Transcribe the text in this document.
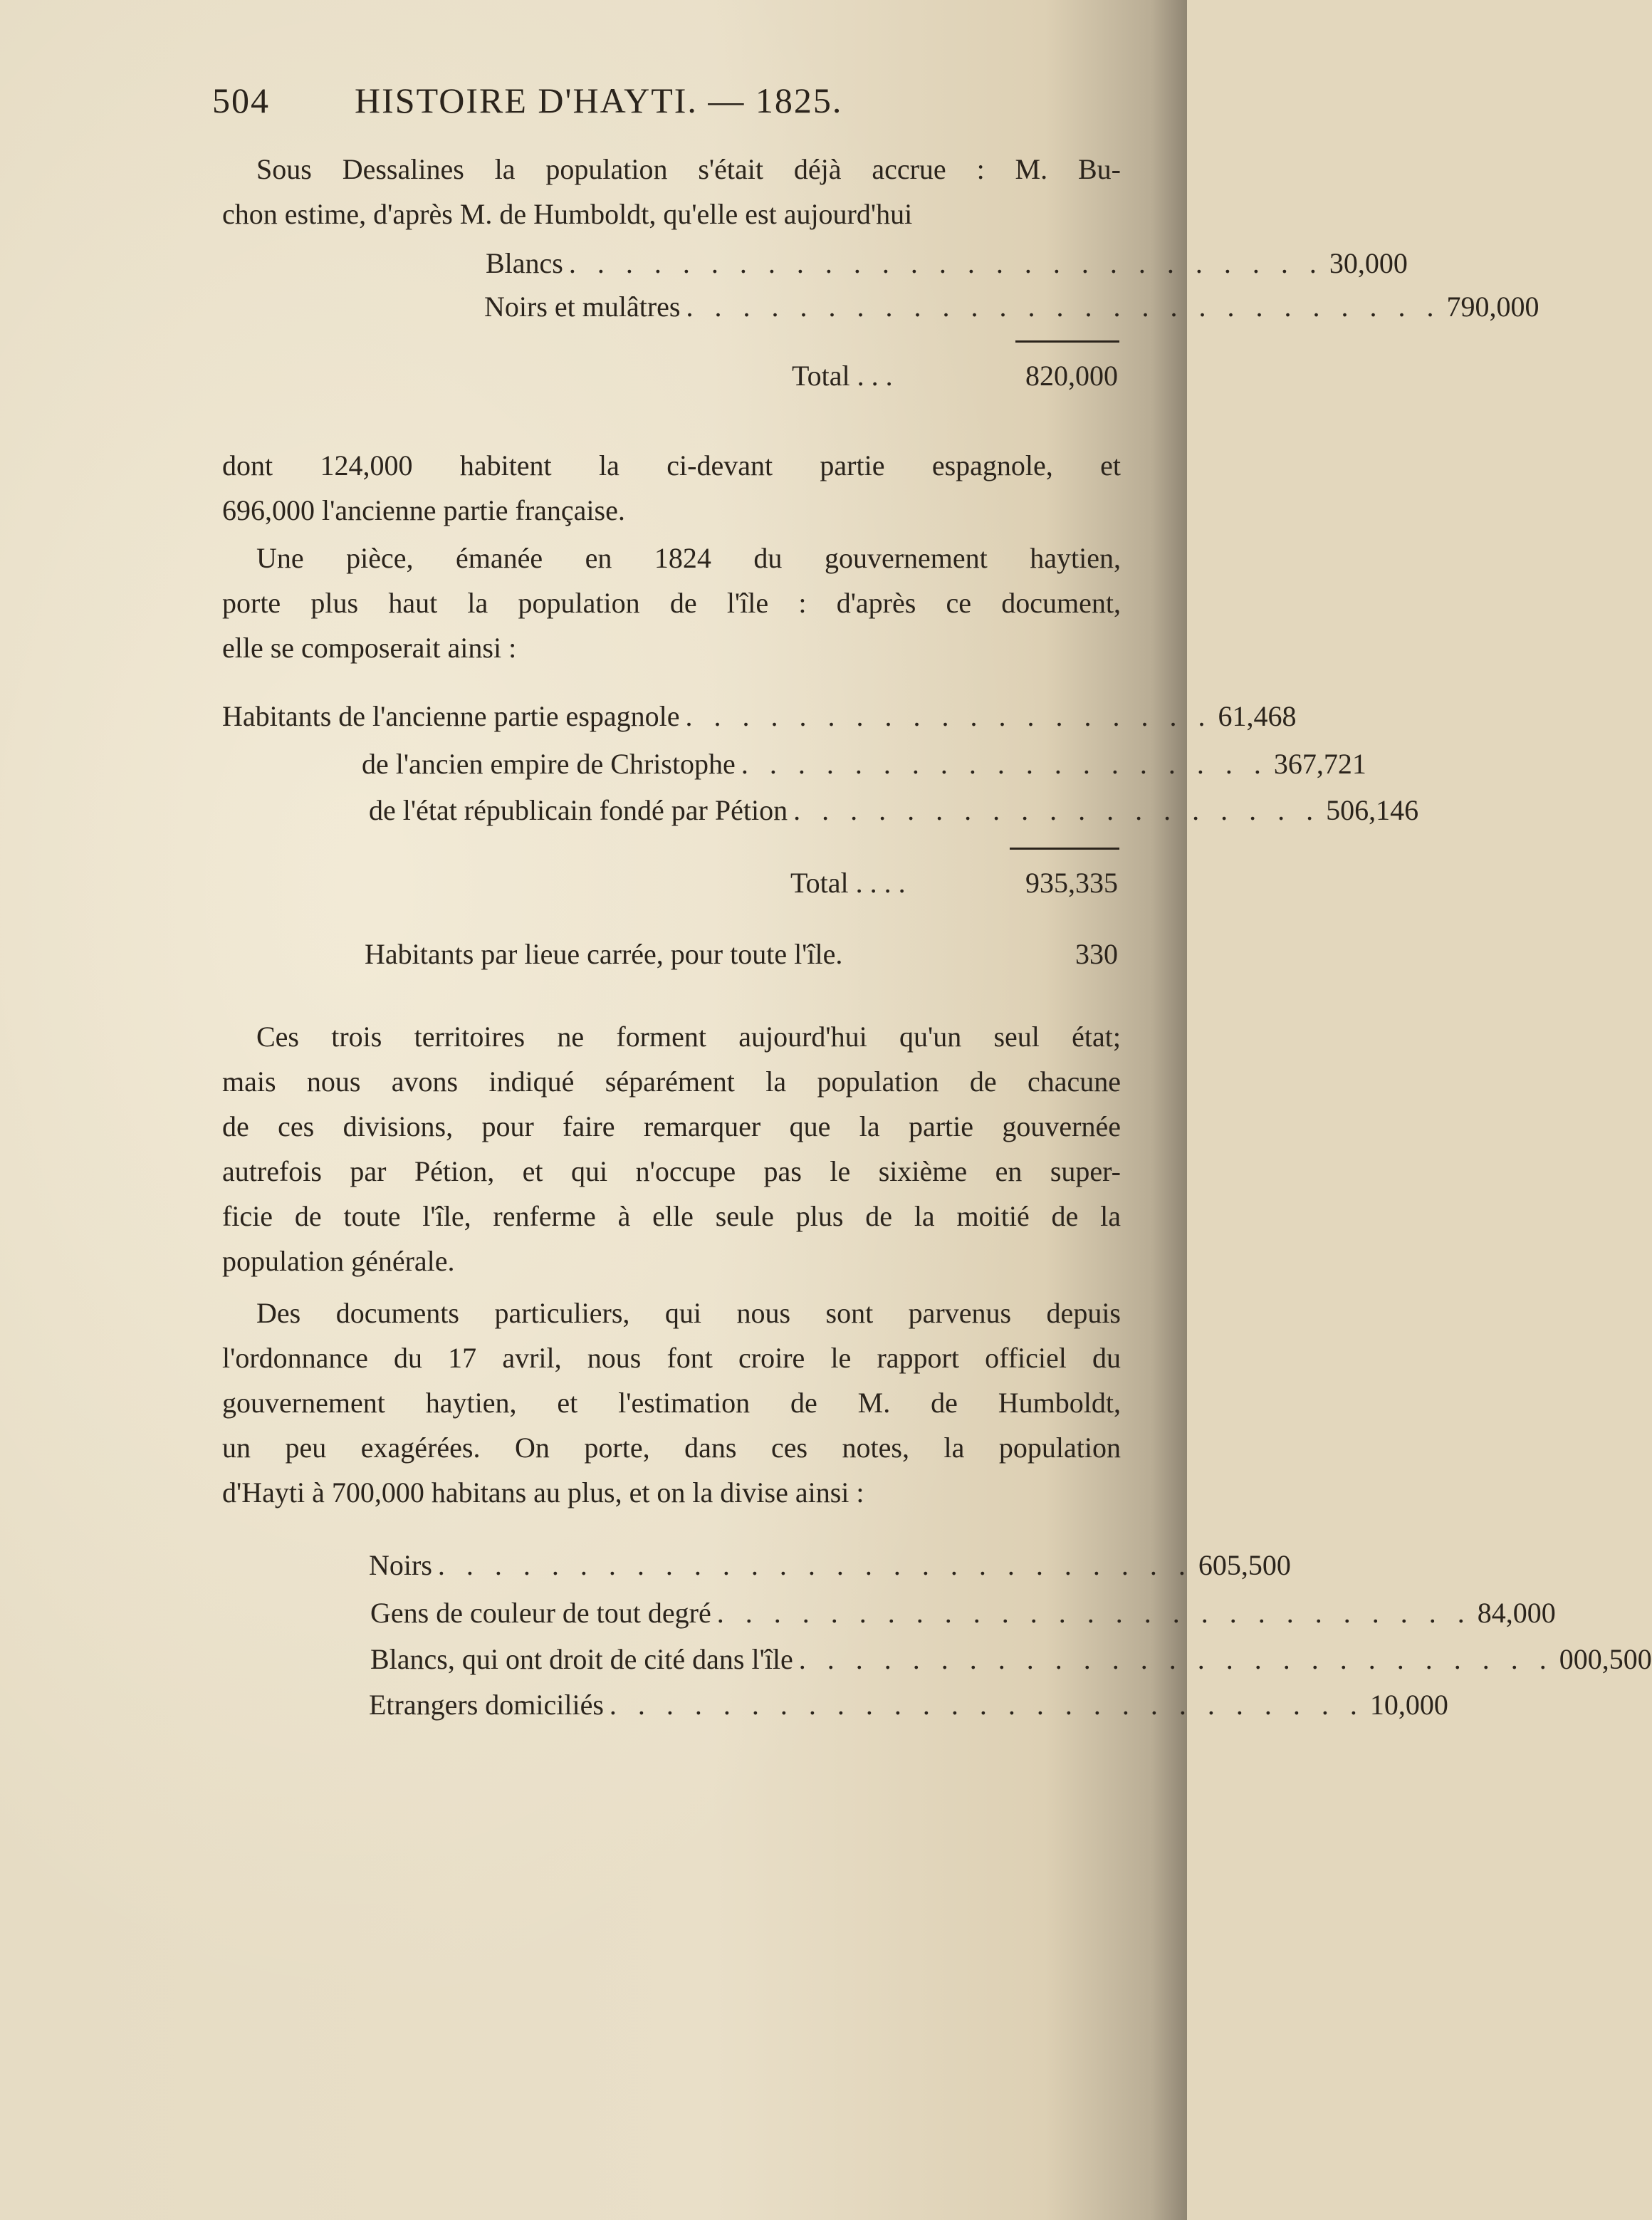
504 HISTOIRE D'HAYTI. — 1825.
Sous Dessalines la population s'était déjà accrue : M. Bu-
chon estime, d'après M. de Humboldt, qu'elle est aujourd'hui
Blancs . . . . . . . . . . . . . . . . . . . . . . . . . . . 30,000
Noirs et mulâtres . . . . . . . . . . . . . . . . . . . . . . . . . . . 790,000
Total . . .	820,000
dont 124,000 habitent la ci-devant partie espagnole, et
696,000 l'ancienne partie française.
Une pièce, émanée en 1824 du gouvernement haytien,
porte plus haut la population de l'île : d'après ce document,
elle se composerait ainsi :
Habitants de l'ancienne partie espagnole . . . . . . . . . . . . . . . . . . . 61,468
de l'ancien empire de Christophe . . . . . . . . . . . . . . . . . . . 367,721
de l'état républicain fondé par Pétion . . . . . . . . . . . . . . . . . . . 506,146
Total . . . .	935,335
Habitants par lieue carrée, pour toute l'île.	330
Ces trois territoires ne forment aujourd'hui qu'un seul état;
mais nous avons indiqué séparément la population de chacune
de ces divisions, pour faire remarquer que la partie gouvernée
autrefois par Pétion, et qui n'occupe pas le sixième en super-
ficie de toute l'île, renferme à elle seule plus de la moitié de la
population générale.
Des documents particuliers, qui nous sont parvenus depuis
l'ordonnance du 17 avril, nous font croire le rapport officiel du
gouvernement haytien, et l'estimation de M. de Humboldt,
un peu exagérées. On porte, dans ces notes, la population
d'Hayti à 700,000 habitans au plus, et on la divise ainsi :
Noirs . . . . . . . . . . . . . . . . . . . . . . . . . . . 605,500
Gens de couleur de tout degré . . . . . . . . . . . . . . . . . . . . . . . . . . . 84,000
Blancs, qui ont droit de cité dans l'île . . . . . . . . . . . . . . . . . . . . . . . . . . . 000,500
Etrangers domiciliés . . . . . . . . . . . . . . . . . . . . . . . . . . . 10,000
